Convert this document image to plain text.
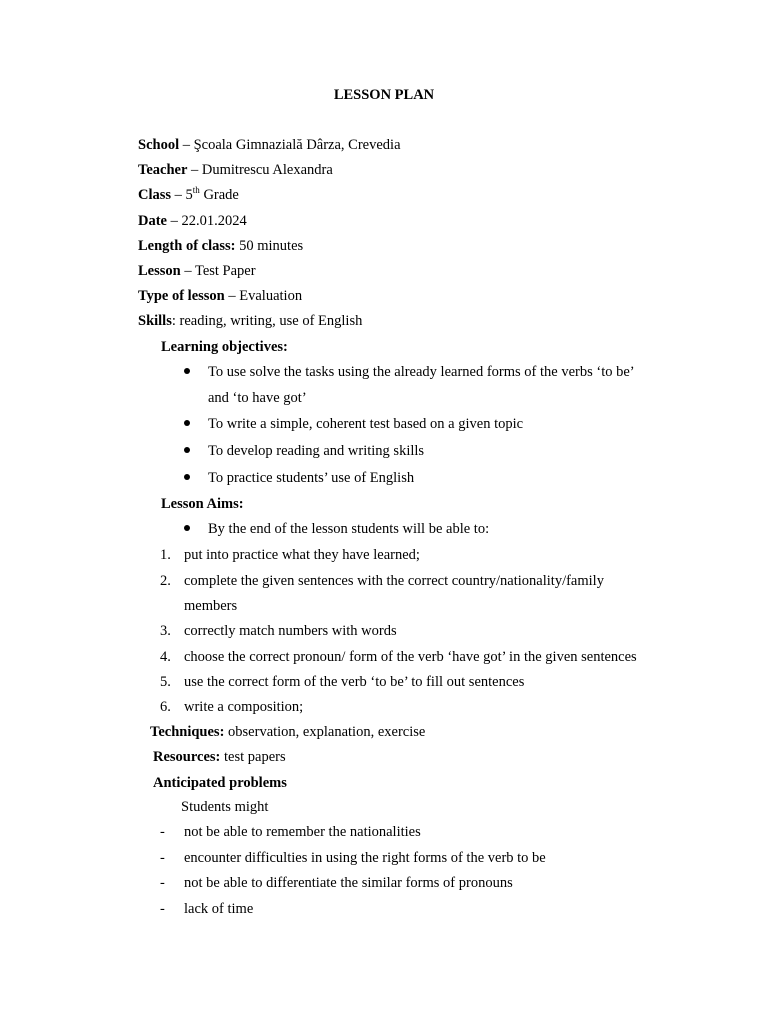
LESSON PLAN
School – Şcoala Gimnazială Dârza, Crevedia
Teacher – Dumitrescu Alexandra
Class – 5th Grade
Date – 22.01.2024
Length of class: 50 minutes
Lesson – Test Paper
Type of lesson – Evaluation
Skills: reading, writing, use of English
Learning objectives:
To use solve the tasks using the already learned forms of the verbs ‘to be’
and ‘to have got’
To write a simple, coherent test based on a given topic
To develop reading and writing skills
To practice students’ use of English
Lesson Aims:
By the end of the lesson students will be able to:
1. put into practice what they have learned;
2. complete the given sentences with the correct country/nationality/family
members
3. correctly match numbers with words
4. choose the correct pronoun/ form of the verb ‘have got’ in the given sentences
5. use the correct form of the verb ‘to be’ to fill out sentences
6. write a composition;
Techniques: observation, explanation, exercise
Resources: test papers
Anticipated problems
Students might
- not be able to remember the nationalities
- encounter difficulties in using the right forms of the verb to be
- not be able to differentiate the similar forms of pronouns
- lack of time
